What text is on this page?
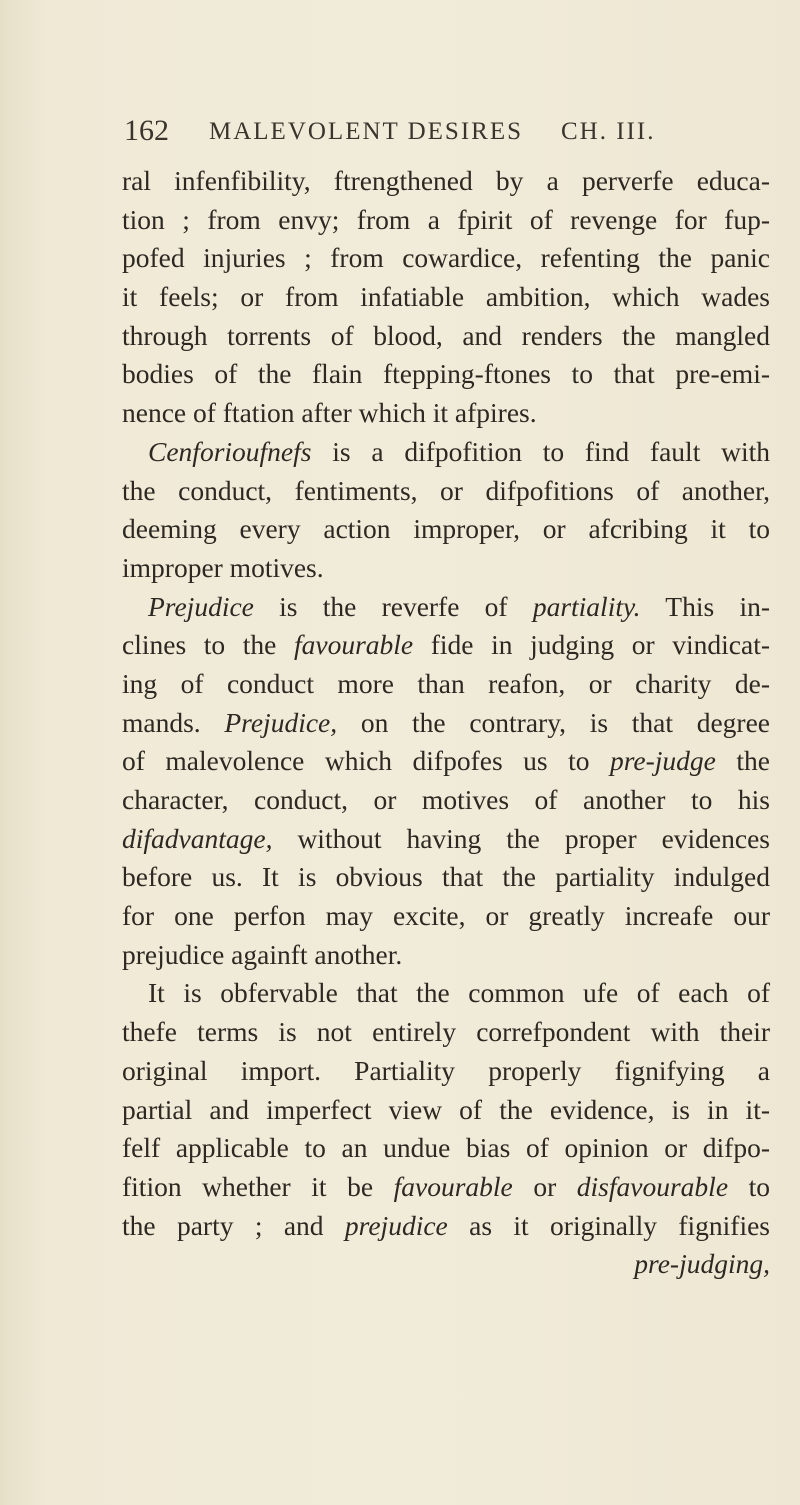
162 MALEVOLENT DESIRES CH. III.
ral infenfibility, ftrengthened by a perverfe educa-
tion ; from envy; from a fpirit of revenge for fup-
pofed injuries ; from cowardice, refenting the panic
it feels; or from infatiable ambition, which wades
through torrents of blood, and renders the mangled
bodies of the flain ftepping-ftones to that pre-emi-
nence of ftation after which it afpires.
Cenforioufnefs is a difpofition to find fault with
the conduct, fentiments, or difpofitions of another,
deeming every action improper, or afcribing it to
improper motives.
Prejudice is the reverfe of partiality. This in-
clines to the favourable fide in judging or vindicat-
ing of conduct more than reafon, or charity de-
mands. Prejudice, on the contrary, is that degree
of malevolence which difpofes us to pre-judge the
character, conduct, or motives of another to his
difadvantage, without having the proper evidences
before us. It is obvious that the partiality indulged
for one perfon may excite, or greatly increafe our
prejudice againft another.
It is obfervable that the common ufe of each of
thefe terms is not entirely correfpondent with their
original import. Partiality properly fignifying a
partial and imperfect view of the evidence, is in it-
felf applicable to an undue bias of opinion or difpo-
fition whether it be favourable or disfavourable to
the party ; and prejudice as it originally fignifies
pre-judging,
